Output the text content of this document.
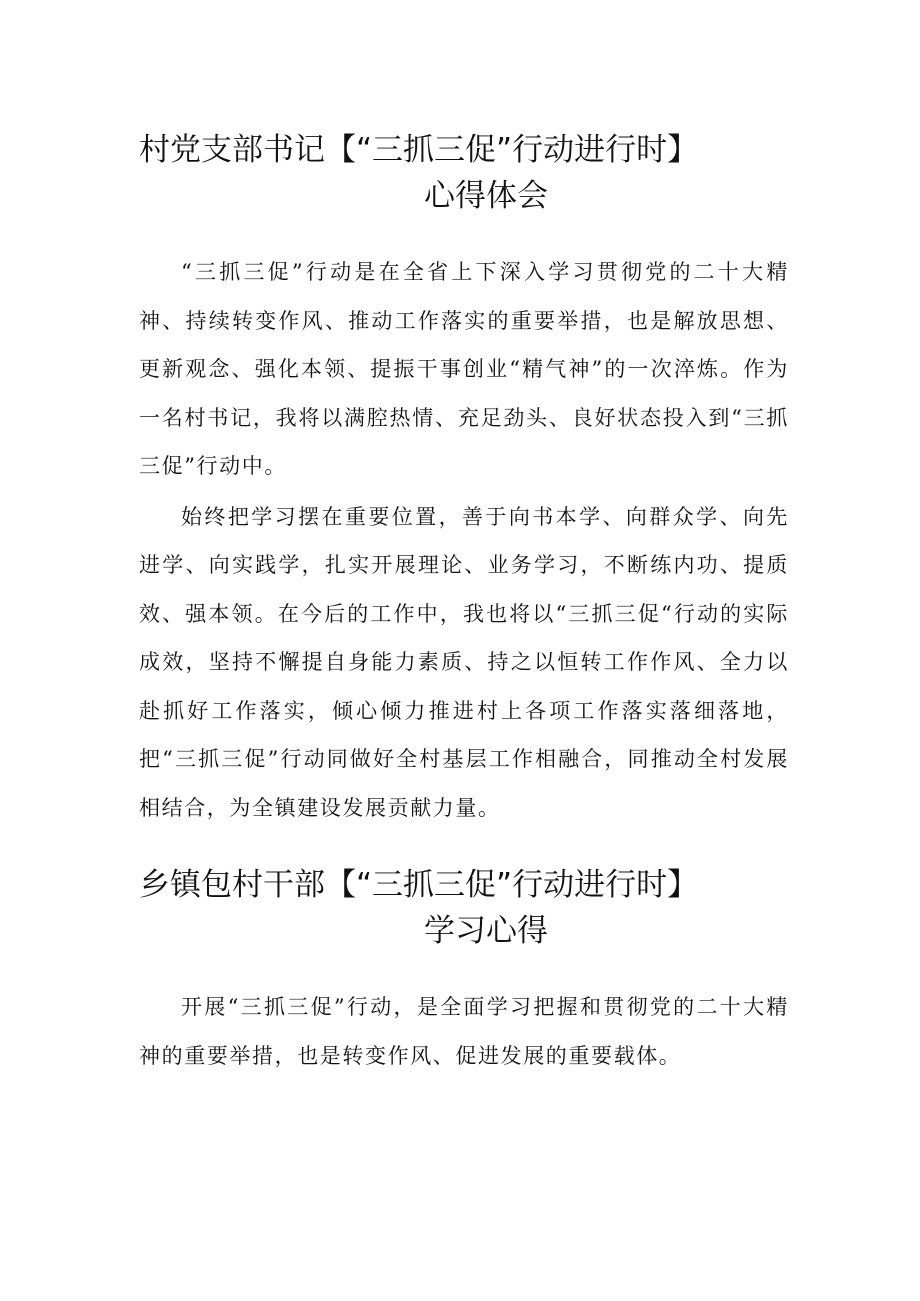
村党支部书记【“三抓三促”行动进行时】
心得体会

“三抓三促”行动是在全省上下深入学习贯彻党的二十大精神、持续转变作风、推动工作落实的重要举措，也是解放思想、更新观念、强化本领、提振干事创业“精气神”的一次淬炼。作为一名村书记，我将以满腔热情、充足劲头、良好状态投入到“三抓三促”行动中。

始终把学习摆在重要位置，善于向书本学、向群众学、向先进学、向实践学，扎实开展理论、业务学习，不断练内功、提质效、强本领。在今后的工作中，我也将以“三抓三促“行动的实际成效，坚持不懈提自身能力素质、持之以恒转工作作风、全力以赴抓好工作落实，倾心倾力推进村上各项工作落实落细落地，把“三抓三促”行动同做好全村基层工作相融合，同推动全村发展相结合，为全镇建设发展贡献力量。

乡镇包村干部【“三抓三促”行动进行时】
学习心得

开展“三抓三促”行动，是全面学习把握和贯彻党的二十大精神的重要举措，也是转变作风、促进发展的重要载体。
